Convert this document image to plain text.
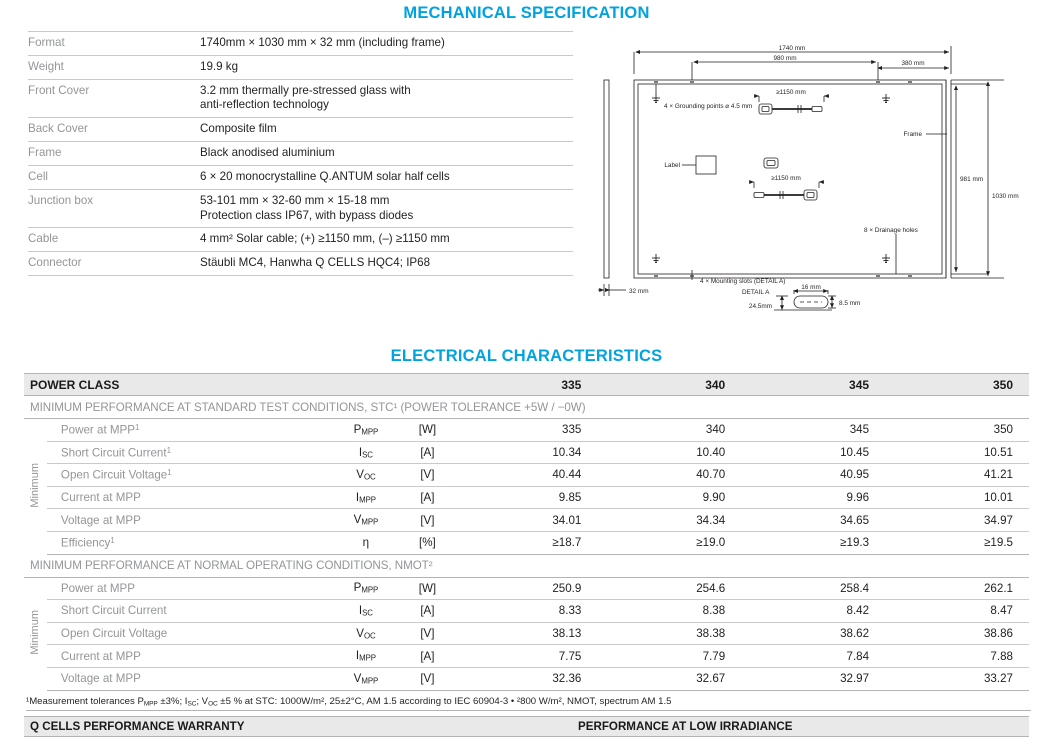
MECHANICAL SPECIFICATION
Format	1740mm × 1030 mm × 32 mm (including frame)
Weight	19.9 kg
Front Cover	3.2 mm thermally pre-stressed glass with
anti-reflection technology

Back Cover	Composite film
Frame	Black anodised aluminium
Cell	6 × 20 monocrystalline Q.ANTUM solar half cells
Junction box	53-101 mm × 32-60 mm × 15-18 mm
Protection class IP67, with bypass diodes

Cable	4 mm² Solar cable; (+) ≥1150 mm, (–) ≥1150 mm
Connector	Stäubli MC4, Hanwha Q CELLS HQC4; IP68
1740 mm
980 mm
380 mm
981 mm
1030 mm
32 mm
≥1150 mm
≥1150 mm
4 × Grounding points ⌀ 4.5 mm
4 × Mounting slots (DETAIL A)
8 × Drainage holes
Frame
Label
DETAIL A
16 mm
8.5 mm
24.5mm
ELECTRICAL CHARACTERISTICS
POWER CLASS				335	340	345	350
MINIMUM PERFORMANCE AT STANDARD TEST CONDITIONS, STC¹ (POWER TOLERANCE +5W / −0W)							
Minimum	Power at MPP$^1$	$P_{MPP}$	[W]	335	340	345	350
	Short Circuit Current$^1$	$I_{SC}$	[A]	10.34	10.40	10.45	10.51
	Open Circuit Voltage$^1$	$V_{OC}$	[V]	40.44	40.70	40.95	41.21
	Current at MPP	$I_{MPP}$	[A]	9.85	9.90	9.96	10.01
	Voltage at MPP	$V_{MPP}$	[V]	34.01	34.34	34.65	34.97
	Efficiency$^1$	η	[%]	≥18.7	≥19.0	≥19.3	≥19.5
MINIMUM PERFORMANCE AT NORMAL OPERATING CONDITIONS, NMOT²							
Minimum	Power at MPP	$P_{MPP}$	[W]	250.9	254.6	258.4	262.1
	Short Circuit Current	$I_{SC}$	[A]	8.33	8.38	8.42	8.47
	Open Circuit Voltage	$V_{OC}$	[V]	38.13	38.38	38.62	38.86
	Current at MPP	$I_{MPP}$	[A]	7.75	7.79	7.84	7.88
	Voltage at MPP	$V_{MPP}$	[V]	32.36	32.67	32.97	33.27
¹Measurement tolerances $P_{MPP} \pm 3\%$; $I_{SC}$; $V_{OC} \pm 5$ % at STC: 1000W/m², 25±2°C, AM 1.5 according to IEC 60904-3 • ²800 W/m², NMOT, spectrum AM 1.5
Q CELLS PERFORMANCE WARRANTY	PERFORMANCE AT LOW IRRADIANCE
